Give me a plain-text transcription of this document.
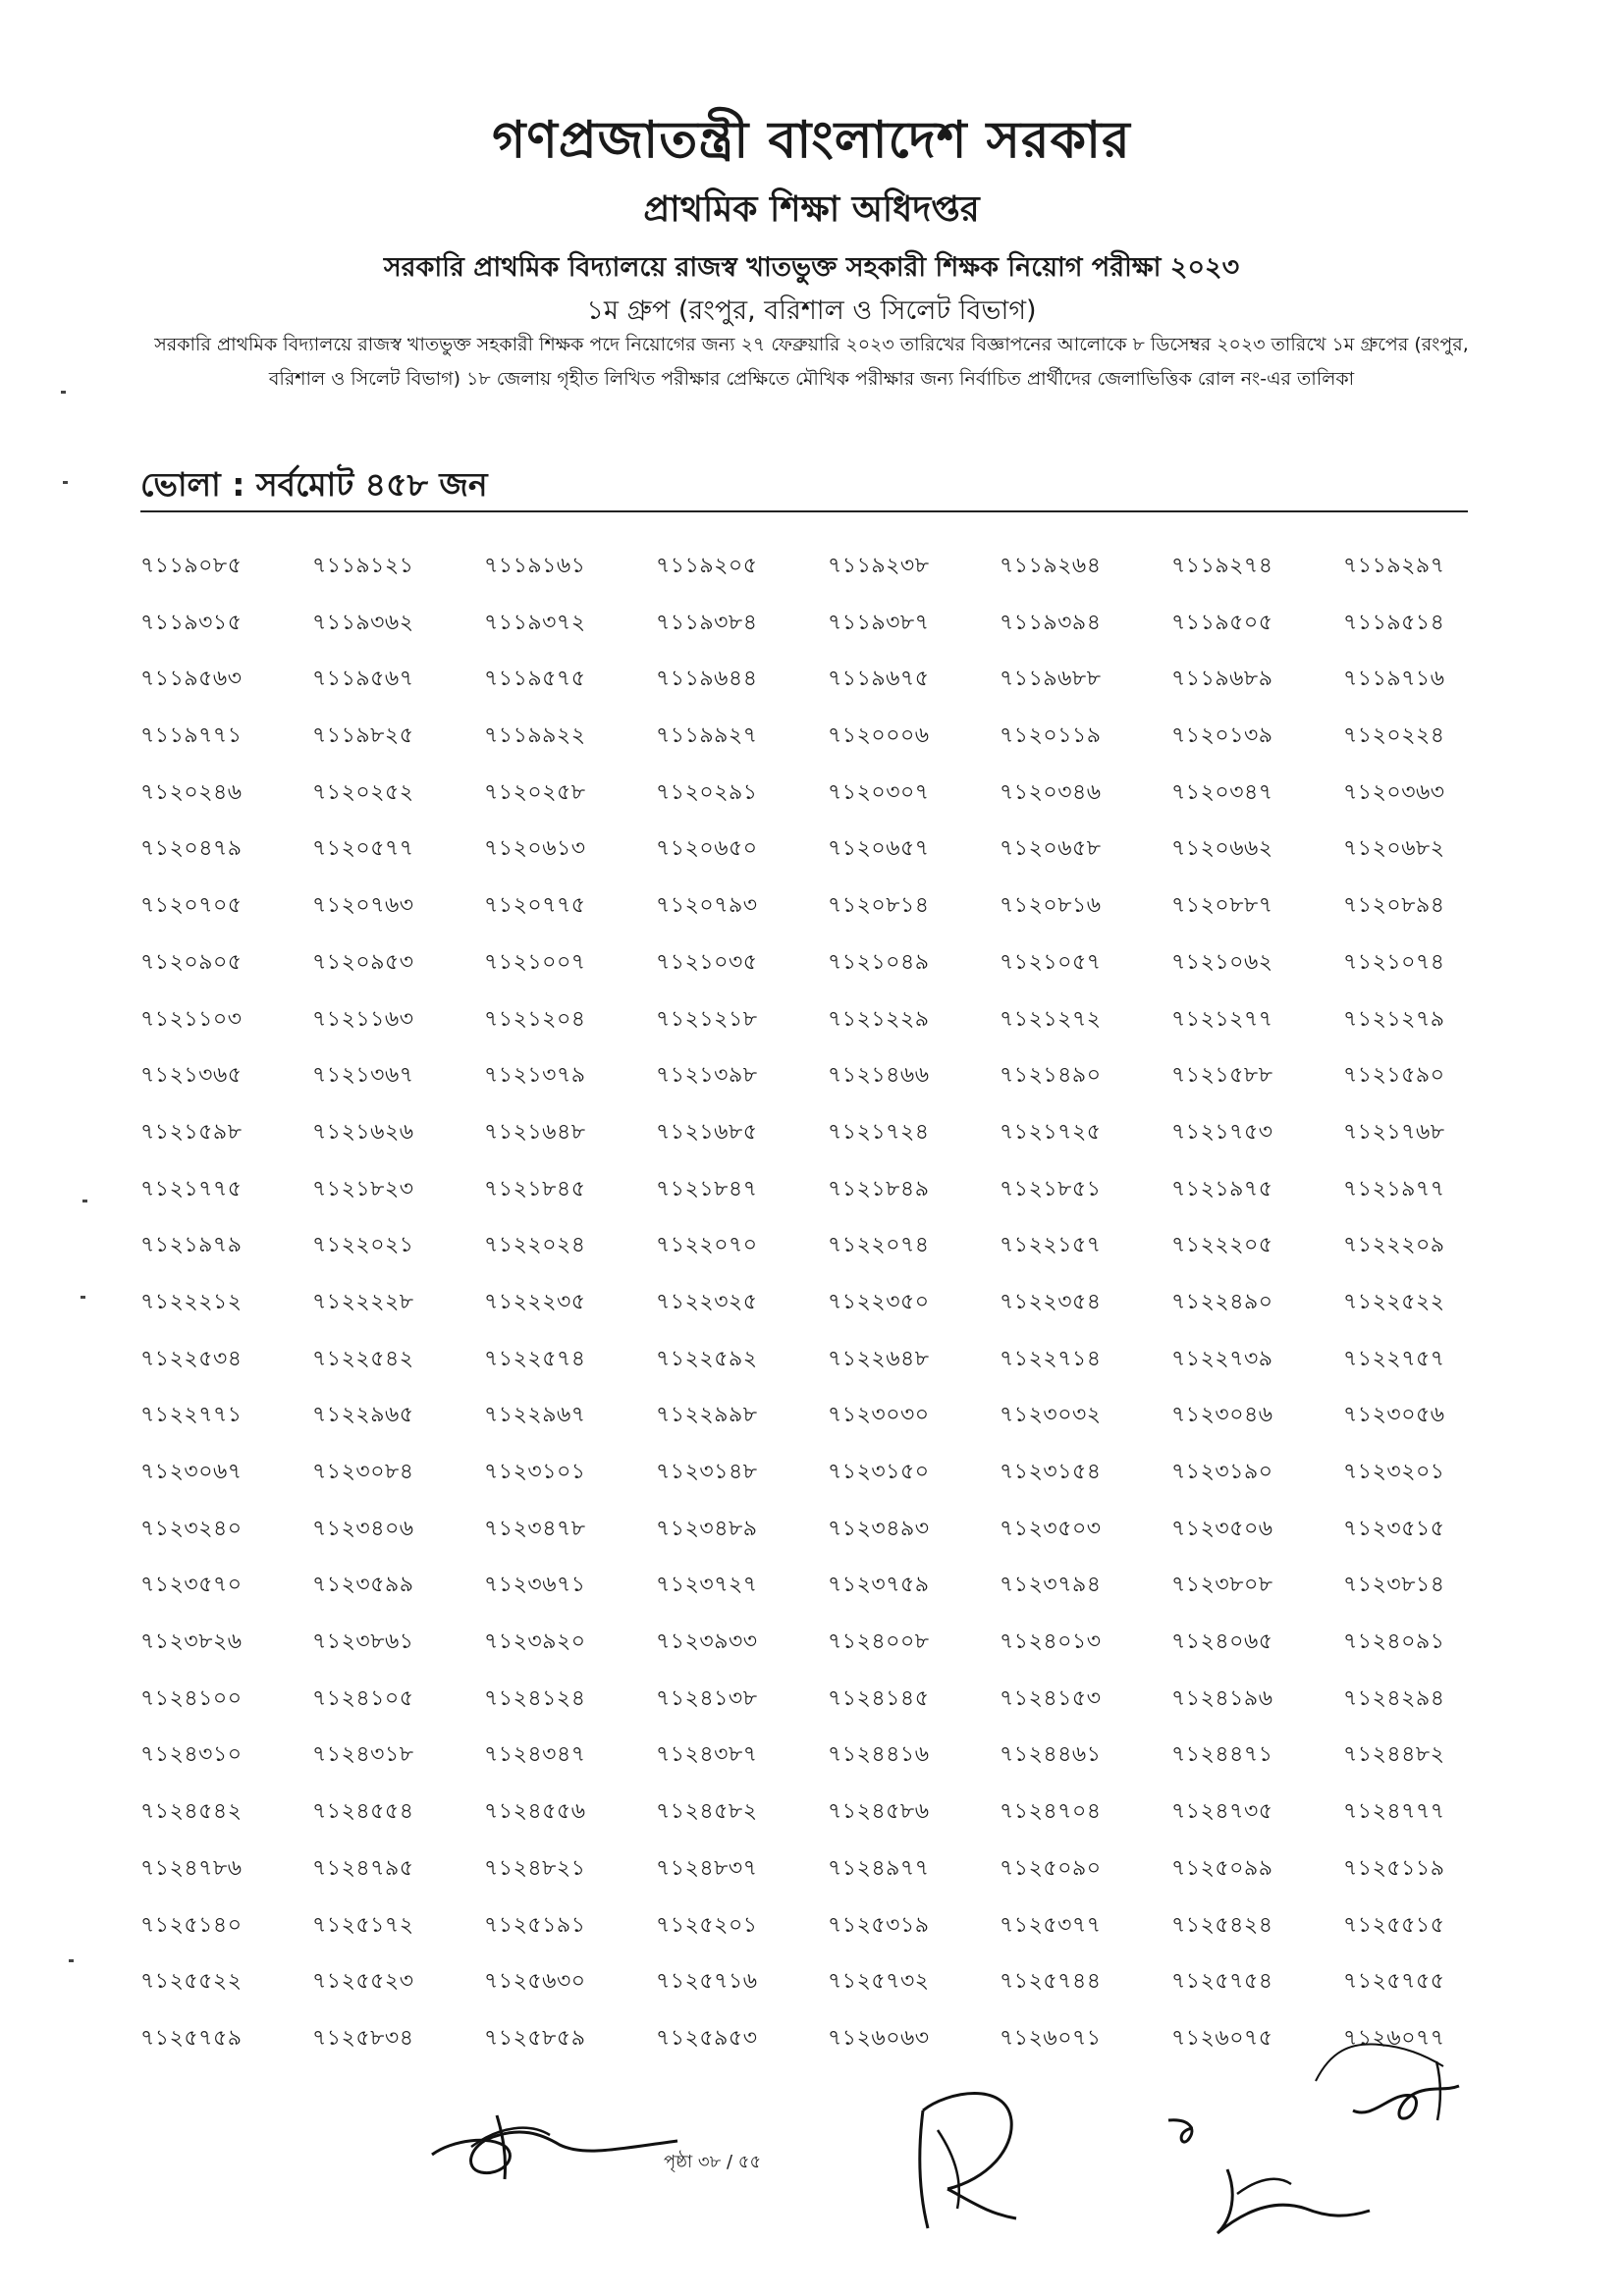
গণপ্রজাতন্ত্রী বাংলাদেশ সরকার
প্রাথমিক শিক্ষা অধিদপ্তর
সরকারি প্রাথমিক বিদ্যালয়ে রাজস্ব খাতভুক্ত সহকারী শিক্ষক নিয়োগ পরীক্ষা ২০২৩
১ম গ্রুপ (রংপুর, বরিশাল ও সিলেট বিভাগ)
সরকারি প্রাথমিক বিদ্যালয়ে রাজস্ব খাতভুক্ত সহকারী শিক্ষক পদে নিয়োগের জন্য ২৭ ফেব্রুয়ারি ২০২৩ তারিখের বিজ্ঞাপনের আলোকে ৮ ডিসেম্বর ২০২৩ তারিখে ১ম গ্রুপের (রংপুর, বরিশাল ও সিলেট বিভাগ) ১৮ জেলায় গৃহীত লিখিত পরীক্ষার প্রেক্ষিতে মৌখিক পরীক্ষার জন্য নির্বাচিত প্রার্থীদের জেলাভিত্তিক রোল নং-এর তালিকা
ভোলা : সর্বমোট ৪৫৮ জন
৭১১৯০৮৫	৭১১৯১২১	৭১১৯১৬১	৭১১৯২০৫	৭১১৯২৩৮	৭১১৯২৬৪	৭১১৯২৭৪	৭১১৯২৯৭
৭১১৯৩১৫	৭১১৯৩৬২	৭১১৯৩৭২	৭১১৯৩৮৪	৭১১৯৩৮৭	৭১১৯৩৯৪	৭১১৯৫০৫	৭১১৯৫১৪
৭১১৯৫৬৩	৭১১৯৫৬৭	৭১১৯৫৭৫	৭১১৯৬৪৪	৭১১৯৬৭৫	৭১১৯৬৮৮	৭১১৯৬৮৯	৭১১৯৭১৬
৭১১৯৭৭১	৭১১৯৮২৫	৭১১৯৯২২	৭১১৯৯২৭	৭১২০০০৬	৭১২০১১৯	৭১২০১৩৯	৭১২০২২৪
৭১২০২৪৬	৭১২০২৫২	৭১২০২৫৮	৭১২০২৯১	৭১২০৩০৭	৭১২০৩৪৬	৭১২০৩৪৭	৭১২০৩৬৩
৭১২০৪৭৯	৭১২০৫৭৭	৭১২০৬১৩	৭১২০৬৫০	৭১২০৬৫৭	৭১২০৬৫৮	৭১২০৬৬২	৭১২০৬৮২
৭১২০৭০৫	৭১২০৭৬৩	৭১২০৭৭৫	৭১২০৭৯৩	৭১২০৮১৪	৭১২০৮১৬	৭১২০৮৮৭	৭১২০৮৯৪
৭১২০৯০৫	৭১২০৯৫৩	৭১২১০০৭	৭১২১০৩৫	৭১২১০৪৯	৭১২১০৫৭	৭১২১০৬২	৭১২১০৭৪
৭১২১১০৩	৭১২১১৬৩	৭১২১২০৪	৭১২১২১৮	৭১২১২২৯	৭১২১২৭২	৭১২১২৭৭	৭১২১২৭৯
৭১২১৩৬৫	৭১২১৩৬৭	৭১২১৩৭৯	৭১২১৩৯৮	৭১২১৪৬৬	৭১২১৪৯০	৭১২১৫৮৮	৭১২১৫৯০
৭১২১৫৯৮	৭১২১৬২৬	৭১২১৬৪৮	৭১২১৬৮৫	৭১২১৭২৪	৭১২১৭২৫	৭১২১৭৫৩	৭১২১৭৬৮
৭১২১৭৭৫	৭১২১৮২৩	৭১২১৮৪৫	৭১২১৮৪৭	৭১২১৮৪৯	৭১২১৮৫১	৭১২১৯৭৫	৭১২১৯৭৭
৭১২১৯৭৯	৭১২২০২১	৭১২২০২৪	৭১২২০৭০	৭১২২০৭৪	৭১২২১৫৭	৭১২২২০৫	৭১২২২০৯
৭১২২২১২	৭১২২২২৮	৭১২২২৩৫	৭১২২৩২৫	৭১২২৩৫০	৭১২২৩৫৪	৭১২২৪৯০	৭১২২৫২২
৭১২২৫৩৪	৭১২২৫৪২	৭১২২৫৭৪	৭১২২৫৯২	৭১২২৬৪৮	৭১২২৭১৪	৭১২২৭৩৯	৭১২২৭৫৭
৭১২২৭৭১	৭১২২৯৬৫	৭১২২৯৬৭	৭১২২৯৯৮	৭১২৩০৩০	৭১২৩০৩২	৭১২৩০৪৬	৭১২৩০৫৬
৭১২৩০৬৭	৭১২৩০৮৪	৭১২৩১০১	৭১২৩১৪৮	৭১২৩১৫০	৭১২৩১৫৪	৭১২৩১৯০	৭১২৩২০১
৭১২৩২৪০	৭১২৩৪০৬	৭১২৩৪৭৮	৭১২৩৪৮৯	৭১২৩৪৯৩	৭১২৩৫০৩	৭১২৩৫০৬	৭১২৩৫১৫
৭১২৩৫৭০	৭১২৩৫৯৯	৭১২৩৬৭১	৭১২৩৭২৭	৭১২৩৭৫৯	৭১২৩৭৯৪	৭১২৩৮০৮	৭১২৩৮১৪
৭১২৩৮২৬	৭১২৩৮৬১	৭১২৩৯২০	৭১২৩৯৩৩	৭১২৪০০৮	৭১২৪০১৩	৭১২৪০৬৫	৭১২৪০৯১
৭১২৪১০০	৭১২৪১০৫	৭১২৪১২৪	৭১২৪১৩৮	৭১২৪১৪৫	৭১২৪১৫৩	৭১২৪১৯৬	৭১২৪২৯৪
৭১২৪৩১০	৭১২৪৩১৮	৭১২৪৩৪৭	৭১২৪৩৮৭	৭১২৪৪১৬	৭১২৪৪৬১	৭১২৪৪৭১	৭১২৪৪৮২
৭১২৪৫৪২	৭১২৪৫৫৪	৭১২৪৫৫৬	৭১২৪৫৮২	৭১২৪৫৮৬	৭১২৪৭০৪	৭১২৪৭৩৫	৭১২৪৭৭৭
৭১২৪৭৮৬	৭১২৪৭৯৫	৭১২৪৮২১	৭১২৪৮৩৭	৭১২৪৯৭৭	৭১২৫০৯০	৭১২৫০৯৯	৭১২৫১১৯
৭১২৫১৪০	৭১২৫১৭২	৭১২৫১৯১	৭১২৫২০১	৭১২৫৩১৯	৭১২৫৩৭৭	৭১২৫৪২৪	৭১২৫৫১৫
৭১২৫৫২২	৭১২৫৫২৩	৭১২৫৬৩০	৭১২৫৭১৬	৭১২৫৭৩২	৭১২৫৭৪৪	৭১২৫৭৫৪	৭১২৫৭৫৫
৭১২৫৭৫৯	৭১২৫৮৩৪	৭১২৫৮৫৯	৭১২৫৯৫৩	৭১২৬০৬৩	৭১২৬০৭১	৭১২৬০৭৫	৭১২৬০৭৭
পৃষ্ঠা ৩৮ / ৫৫
